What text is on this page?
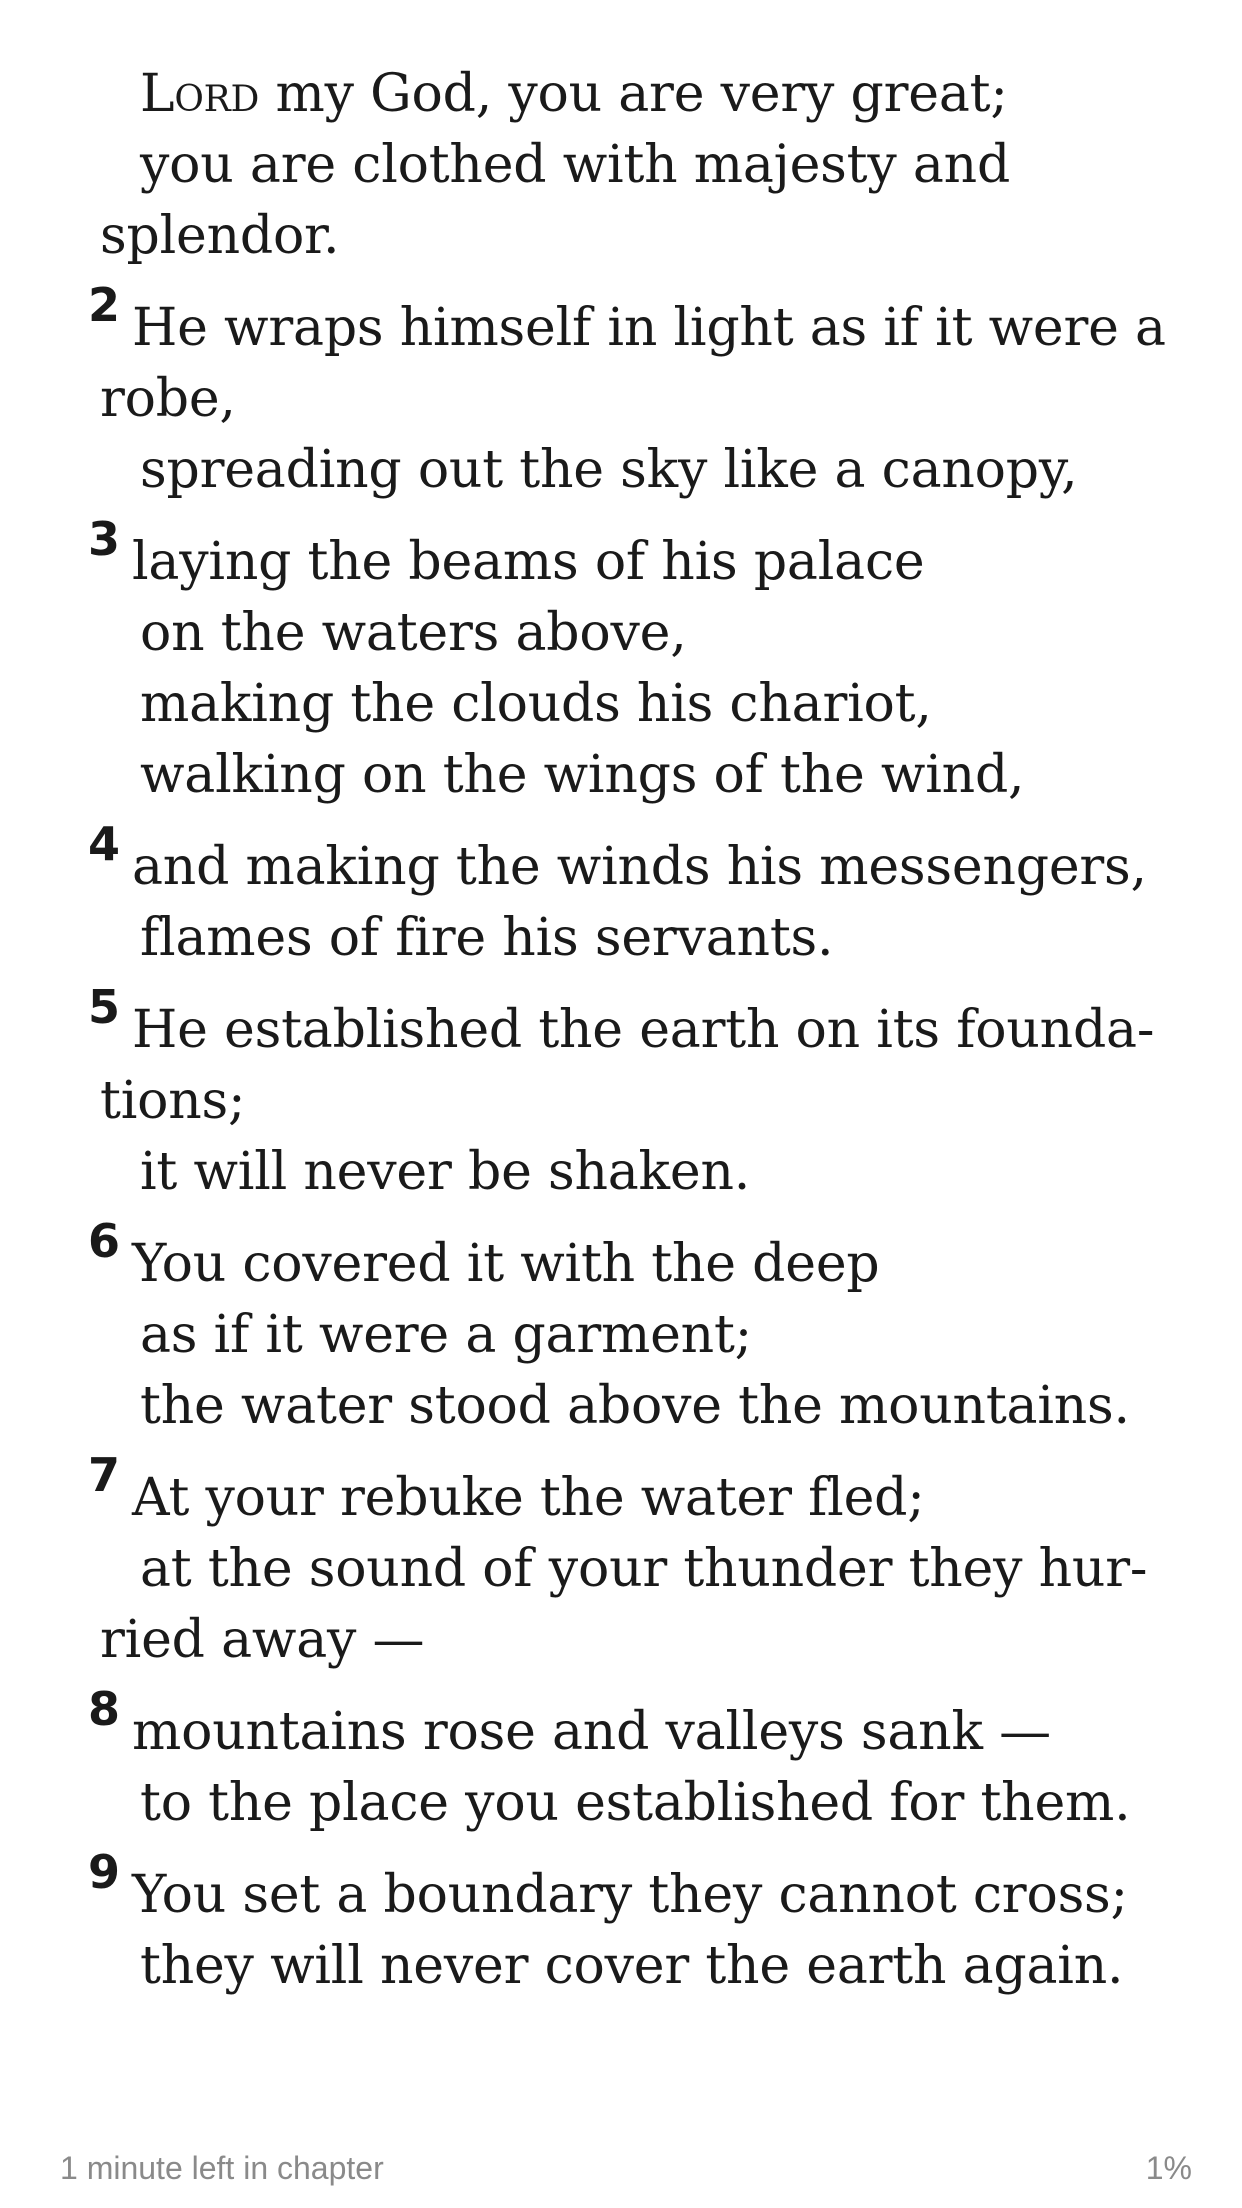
Lord my God, you are very great;
you are clothed with majesty and
splendor.
2 He wraps himself in light as if it were a
robe,
spreading out the sky like a canopy,
3 laying the beams of his palace
on the waters above,
making the clouds his chariot,
walking on the wings of the wind,
4 and making the winds his messengers,
flames of fire his servants.
5 He established the earth on its founda-
tions;
it will never be shaken.
6 You covered it with the deep
as if it were a garment;
the water stood above the mountains.
7 At your rebuke the water fled;
at the sound of your thunder they hur-
ried away —
8 mountains rose and valleys sank —
to the place you established for them.
9 You set a boundary they cannot cross;
they will never cover the earth again.
1 minute left in chapter	1%
